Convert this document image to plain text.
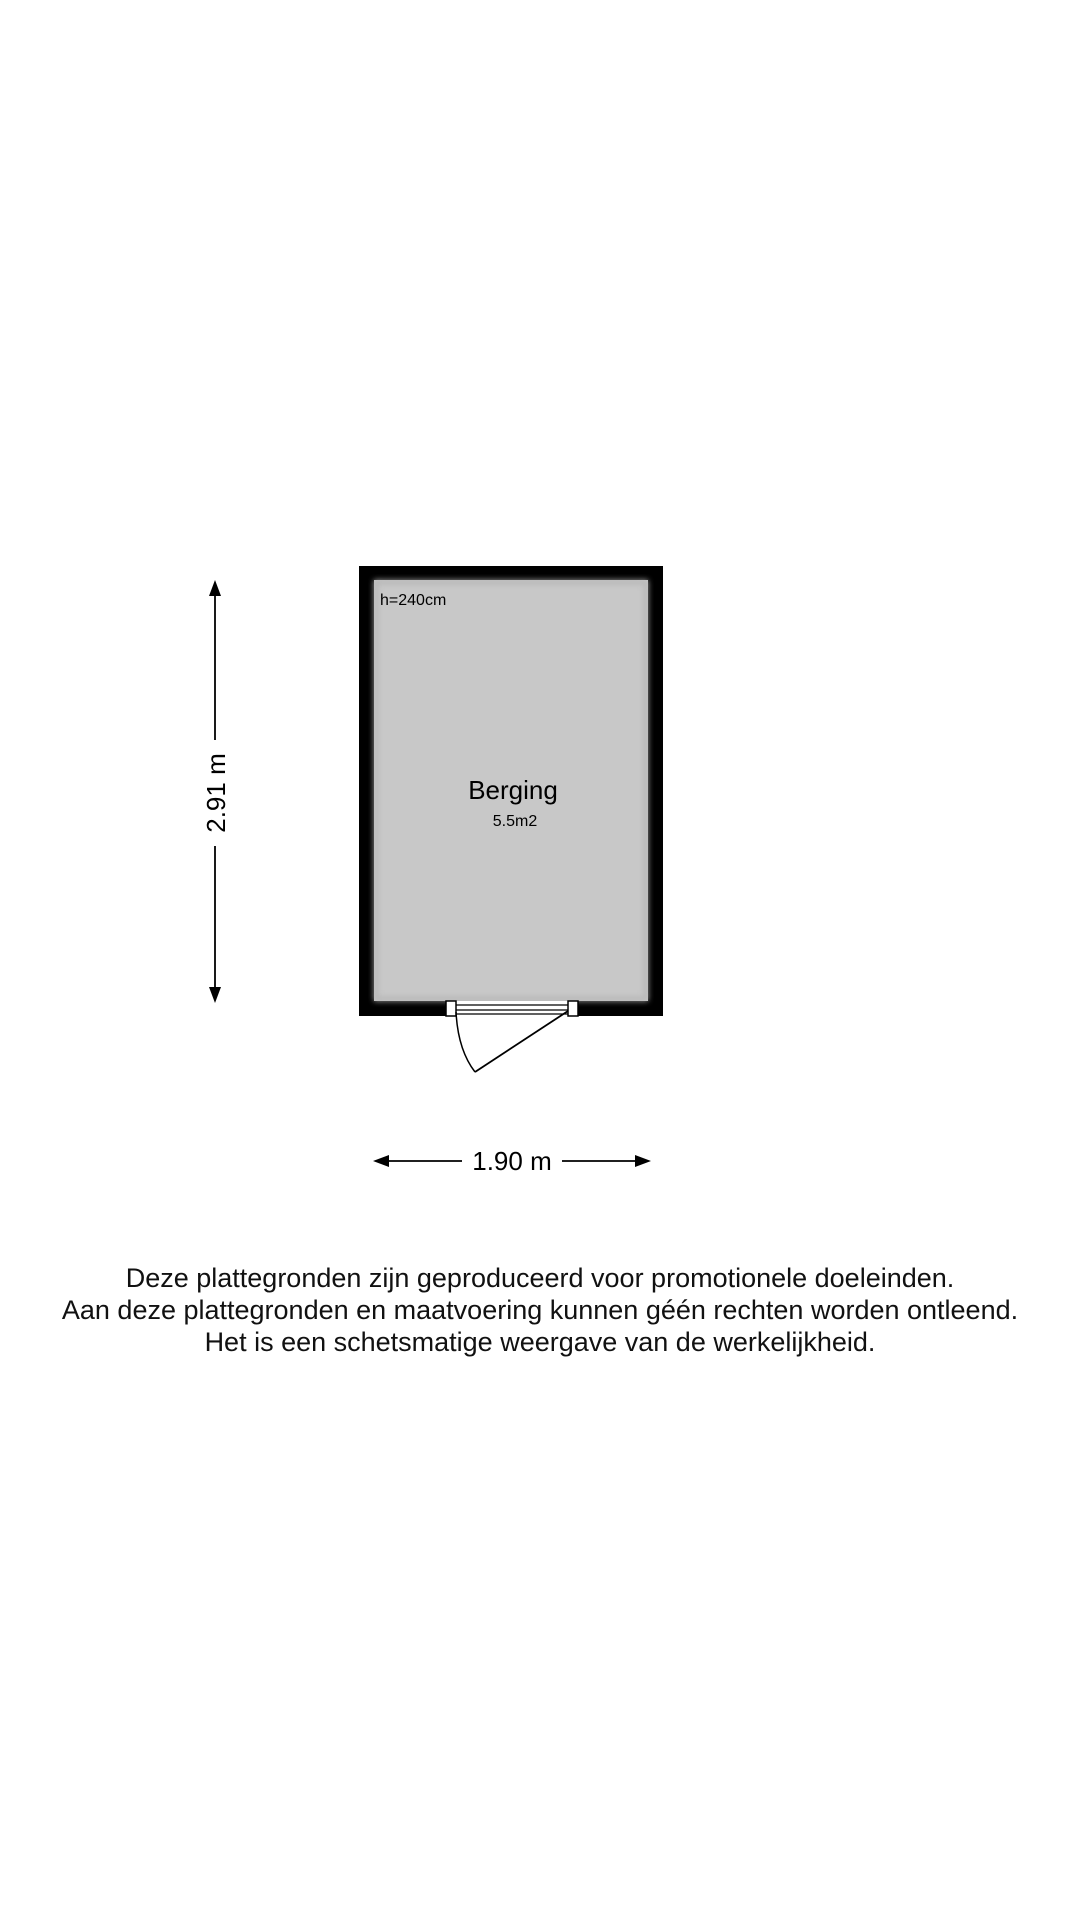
2.91 m
1.90 m
h=240cm
Berging
5.5m2
Deze plattegronden zijn geproduceerd voor promotionele doeleinden.
Aan deze plattegronden en maatvoering kunnen géén rechten worden ontleend.
Het is een schetsmatige weergave van de werkelijkheid.
